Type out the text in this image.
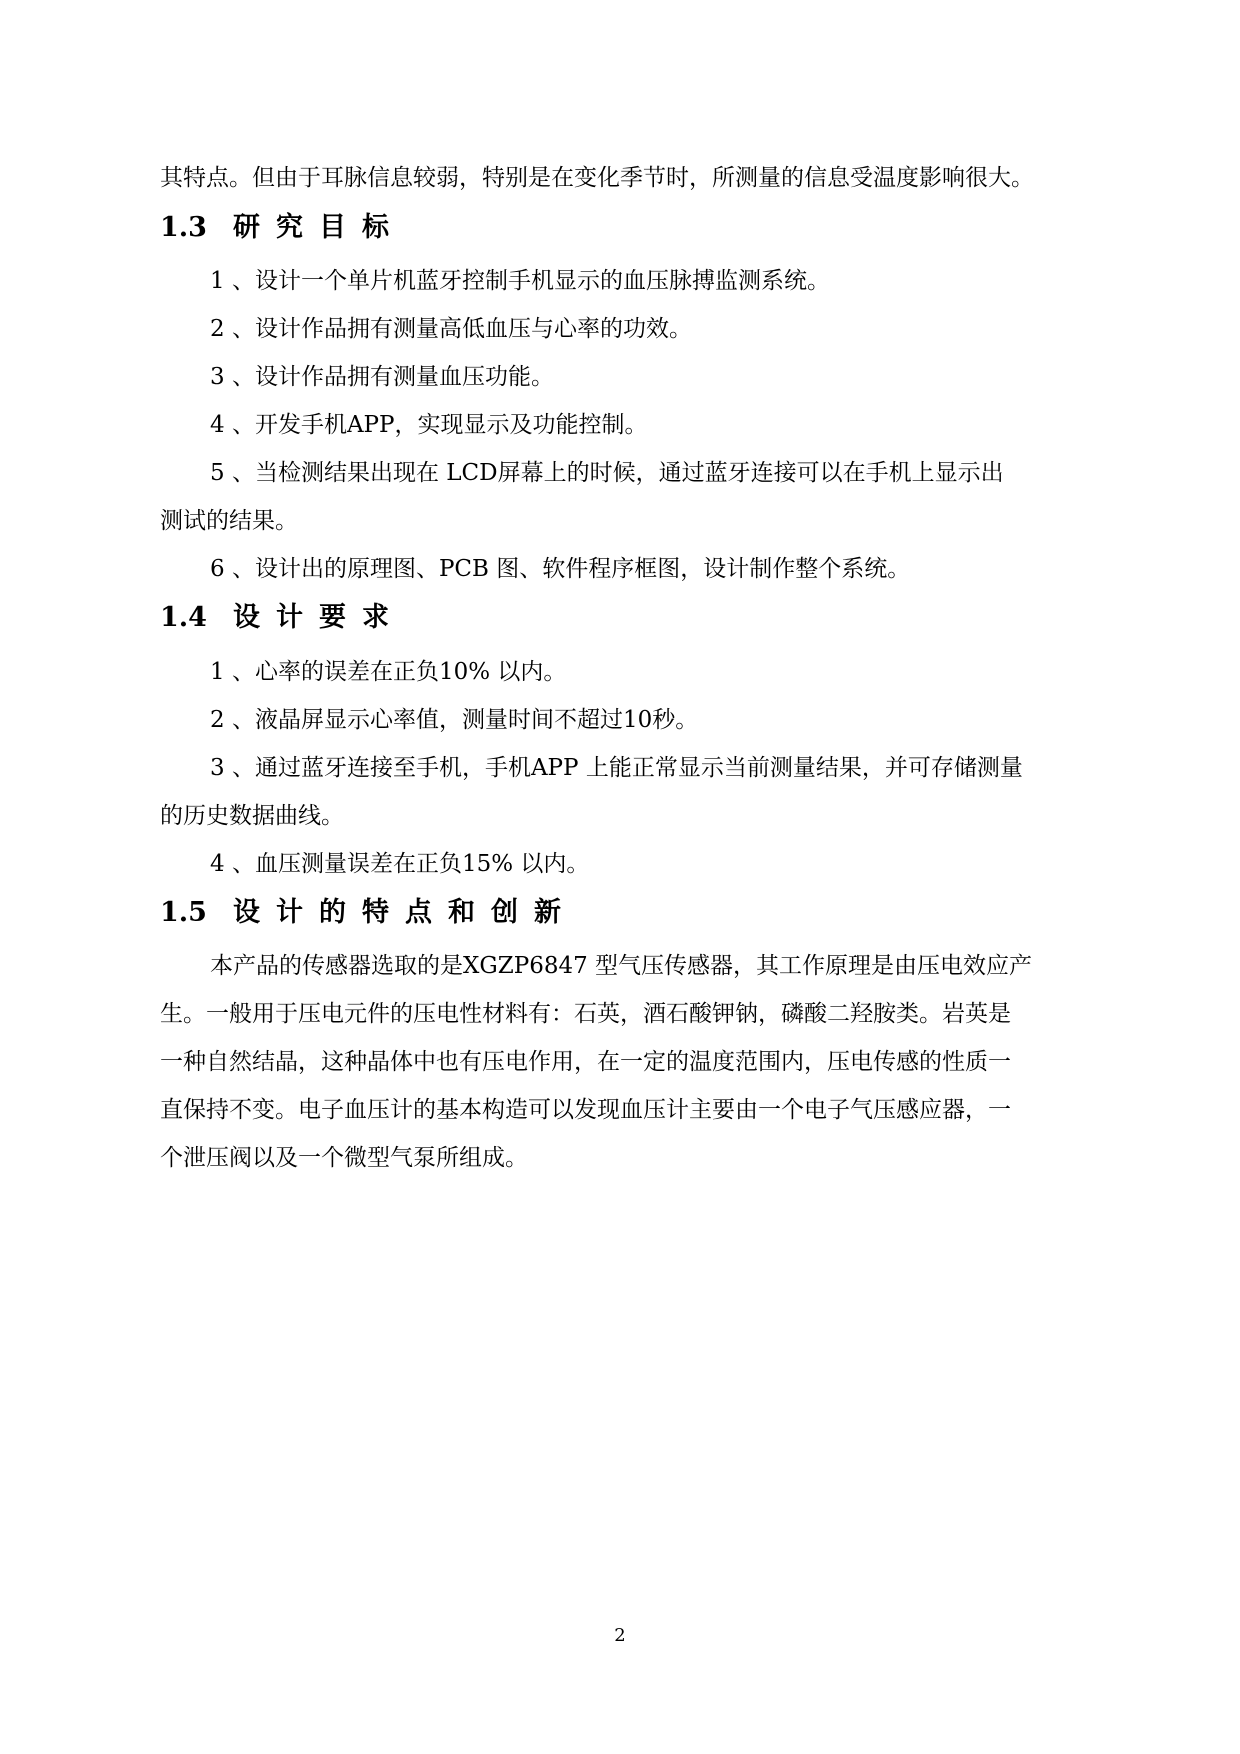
其特点。但由于耳脉信息较弱，特别是在变化季节时，所测量的信息受温度影响很大。
1.3 研究目标
1 、设计一个单片机蓝牙控制手机显示的血压脉搏监测系统。
2 、设计作品拥有测量高低血压与心率的功效。
3 、设计作品拥有测量血压功能。
4 、开发手机APP，实现显示及功能控制。
5 、当检测结果出现在 LCD屏幕上的时候，通过蓝牙连接可以在手机上显示出
测试的结果。
6 、设计出的原理图、PCB 图、软件程序框图，设计制作整个系统。
1.4 设计要求
1 、心率的误差在正负10% 以内。
2 、液晶屏显示心率值，测量时间不超过10秒。
3 、通过蓝牙连接至手机，手机APP 上能正常显示当前测量结果，并可存储测量
的历史数据曲线。
4 、血压测量误差在正负15% 以内。
1.5 设计的特点和创新
本产品的传感器选取的是XGZP6847 型气压传感器，其工作原理是由压电效应产
生。一般用于压电元件的压电性材料有：石英，酒石酸钾钠，磷酸二羟胺类。岩英是
一种自然结晶，这种晶体中也有压电作用，在一定的温度范围内，压电传感的性质一
直保持不变。电子血压计的基本构造可以发现血压计主要由一个电子气压感应器，一
个泄压阀以及一个微型气泵所组成。
2
